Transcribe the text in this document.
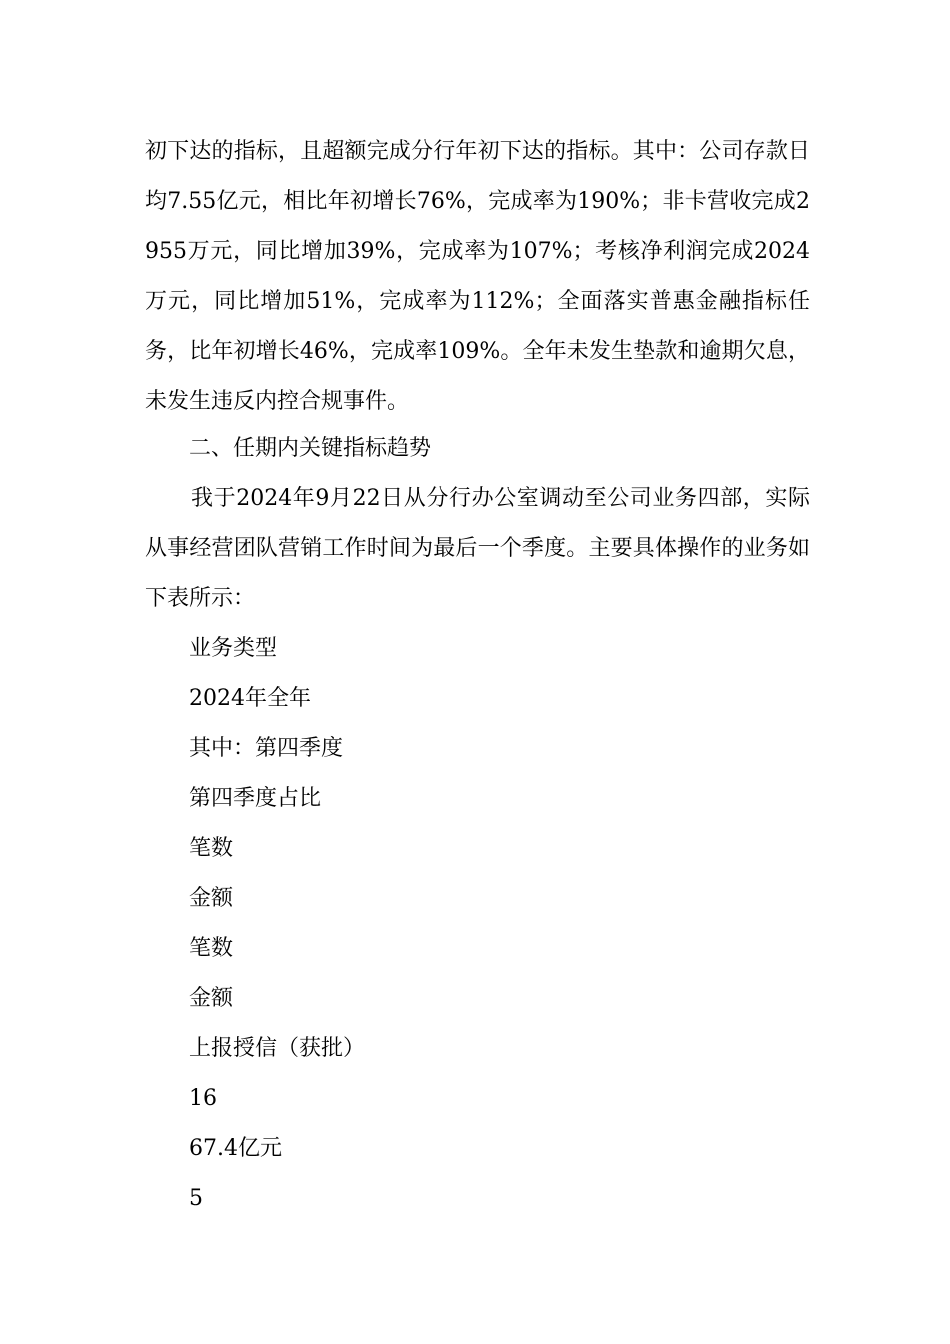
初下达的指标，且超额完成分行年初下达的指标。其中：公司存款日均7.55亿元，相比年初增长76%，完成率为190%；非卡营收完成2955万元，同比增加39%，完成率为107%；考核净利润完成2024万元，同比增加51%，完成率为112%；全面落实普惠金融指标任务，比年初增长46%，完成率109%。全年未发生垫款和逾期欠息，未发生违反内控合规事件。

二、任期内关键指标趋势

我于2024年9月22日从分行办公室调动至公司业务四部，实际从事经营团队营销工作时间为最后一个季度。主要具体操作的业务如下表所示：

业务类型
2024年全年
其中：第四季度
第四季度占比
笔数
金额
笔数
金额
上报授信（获批）
16
67.4亿元
5
